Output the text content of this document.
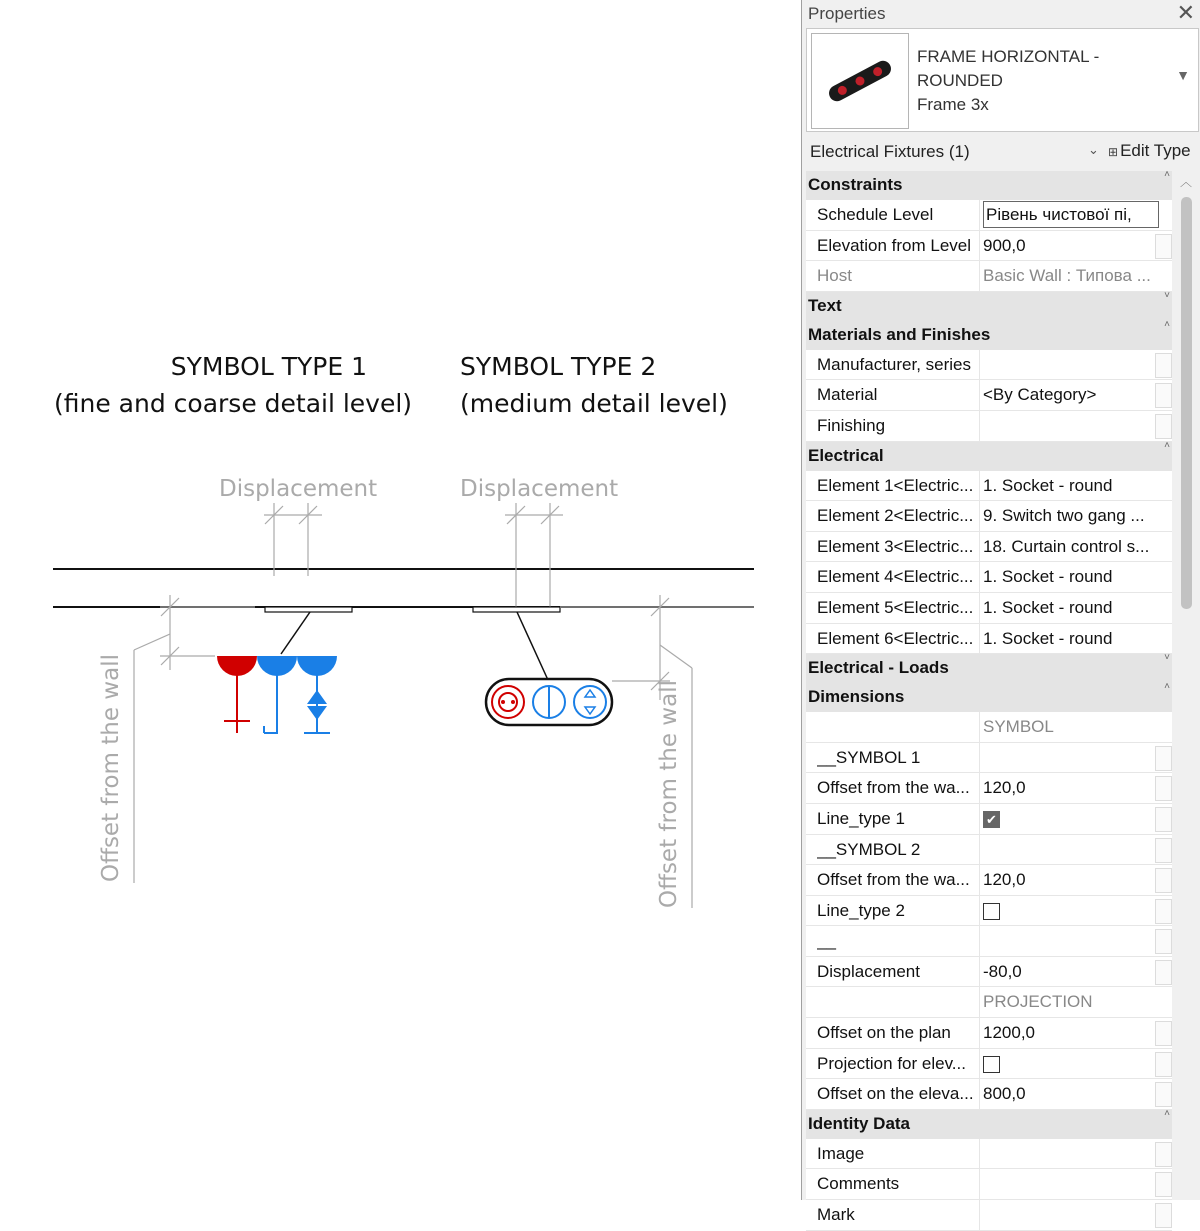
SYMBOL TYPE 1
(fine and coarse detail level)
SYMBOL TYPE 2
(medium detail level)
Displacement	Displacement
Offset from the wall	Offset from the wall
Properties	✕
FRAME HORIZONTAL -
ROUNDED
Frame 3x
▼
Electrical Fixtures (1)	⌄ ⊞ Edit Type
Constraints
˄
Schedule Level	Рівень чистової пі,
Elevation from Level 900,0
Host	Basic Wall : Типова ...
Text
˅
Materials and Finishes
˄
Manufacturer, series
Material	<By Category>
Finishing
Electrical
˄
Element 1<Electric... 1. Socket - round
Element 2<Electric... 9. Switch two gang ...
Element 3<Electric... 18. Curtain control s...
Element 4<Electric... 1. Socket - round
Element 5<Electric... 1. Socket - round
Element 6<Electric... 1. Socket - round
Electrical - Loads
˅
Dimensions
˄
SYMBOL
__SYMBOL 1
Offset from the wa... 120,0
Line_type 1	✔
__SYMBOL 2
Offset from the wa... 120,0
Line_type 2
__
Displacement	-80,0
PROJECTION
Offset on the plan	1200,0
Projection for elev...
Offset on the eleva... 800,0
Identity Data
˄
Image
Comments
Mark
︿
